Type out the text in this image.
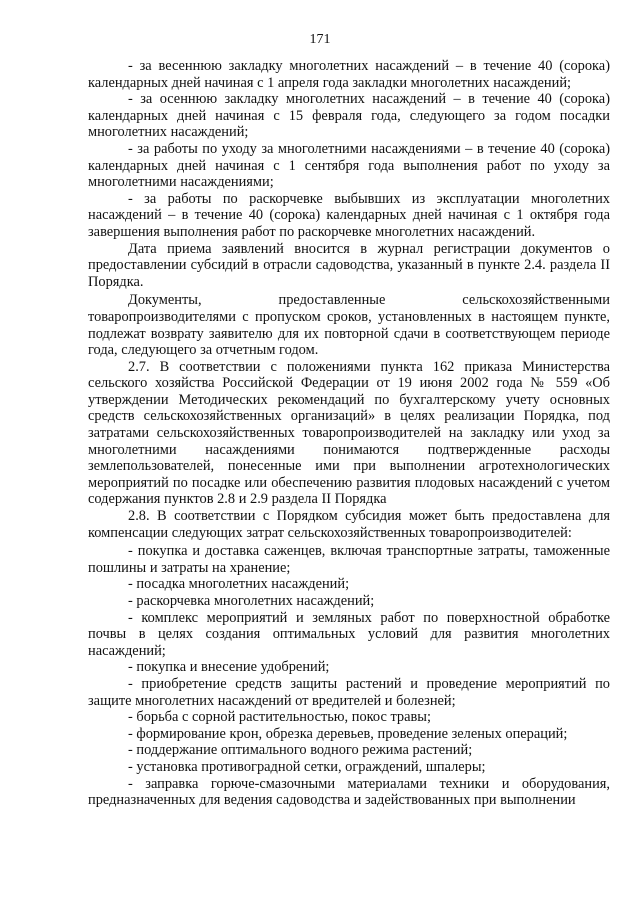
171

- за весеннюю закладку многолетних насаждений – в течение 40 (сорока) календарных дней начиная с 1 апреля года закладки многолетних насаждений;

- за осеннюю закладку многолетних насаждений – в течение 40 (сорока) календарных дней начиная с 15 февраля года, следующего за годом посадки многолетних насаждений;

- за работы по уходу за многолетними насаждениями – в течение 40 (сорока) календарных дней начиная с 1 сентября года выполнения работ по уходу за многолетними насаждениями;

- за работы по раскорчевке выбывших из эксплуатации многолетних насаждений – в течение 40 (сорока) календарных дней начиная с 1 октября года завершения выполнения работ по раскорчевке многолетних насаждений.

Дата приема заявлений вносится в журнал регистрации документов о предоставлении субсидий в отрасли садоводства, указанный в пункте 2.4. раздела II Порядка.

Документы, предоставленные сельскохозяйственными товаропроизводителями с пропуском сроков, установленных в настоящем пункте, подлежат возврату заявителю для их повторной сдачи в соответствующем периоде года, следующего за отчетным годом.

2.7. В соответствии с положениями пункта 162 приказа Министерства сельского хозяйства Российской Федерации от 19 июня 2002 года № 559 «Об утверждении Методических рекомендаций по бухгалтерскому учету основных средств сельскохозяйственных организаций» в целях реализации Порядка, под затратами сельскохозяйственных товаропроизводителей на закладку или уход за многолетними насаждениями понимаются подтвержденные расходы землепользователей, понесенные ими при выполнении агротехнологических мероприятий по посадке или обеспечению развития плодовых насаждений с учетом содержания пунктов 2.8 и 2.9 раздела II Порядка

2.8. В соответствии с Порядком субсидия может быть предоставлена для компенсации следующих затрат сельскохозяйственных товаропроизводителей:

- покупка и доставка саженцев, включая транспортные затраты, таможенные пошлины и затраты на хранение;

- посадка многолетних насаждений;

- раскорчевка многолетних насаждений;

- комплекс мероприятий и земляных работ по поверхностной обработке почвы в целях создания оптимальных условий для развития многолетних насаждений;

- покупка и внесение удобрений;

- приобретение средств защиты растений и проведение мероприятий по защите многолетних насаждений от вредителей и болезней;

- борьба с сорной растительностью, покос травы;

- формирование крон, обрезка деревьев, проведение зеленых операций;

- поддержание оптимального водного режима растений;

- установка противоградной сетки, ограждений, шпалеры;

- заправка горюче-смазочными материалами техники и оборудования, предназначенных для ведения садоводства и задействованных при выполнении
